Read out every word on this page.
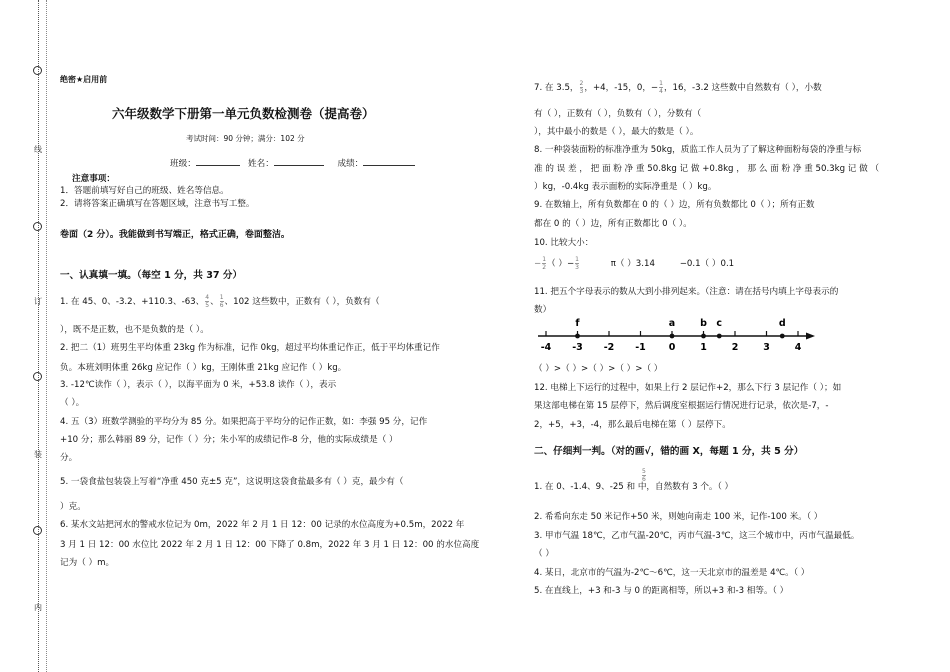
线
订
装
内
绝密★启用前
六年级数学下册第一单元负数检测卷（提高卷）
考试时间：90 分钟；满分：102 分
班级：	姓名：	成绩：
注意事项：
1．答题前填写好自己的班级、姓名等信息。
2．请将答案正确填写在答题区域，注意书写工整。
卷面（2 分）。我能做到书写端正，格式正确，卷面整洁。
一、认真填一填。（每空 1 分，共 37 分）
1. 在 45、0、-3.2、+110.3、-63、 $\frac{4}{5}$ 、 $\frac{1}{6}$ 、102 这些数中，正数有（ ），负数有（
），既不是正数，也不是负数的是（ ）。
2. 把二（1）班男生平均体重 23kg 作为标准，记作 0kg，超过平均体重记作正，低于平均体重记作
负。本班刘明体重 26kg 应记作（ ）kg，王刚体重 21kg 应记作（ ）kg。
3. -12℃读作（ ），表示（ ），以海平面为 0 米，+53.8 读作（ ），表示
（ ）。
4. 五（3）班数学测验的平均分为 85 分。如果把高于平均分的记作正数，如：李强 95 分，记作
+10 分；那么韩丽 89 分，记作（ ）分；朱小军的成绩记作-8 分，他的实际成绩是（ ）
分。
5. 一袋食盐包装袋上写着“净重 450 克±5 克”，这说明这袋食盐最多有（ ）克，最少有（
）克。
6. 某水文站把河水的警戒水位记为 0m，2022 年 2 月 1 日 12：00 记录的水位高度为+0.5m，2022 年
3 月 1 日 12：00 水位比 2022 年 2 月 1 日 12：00 下降了 0.8m，2022 年 3 月 1 日 12：00 的水位高度
记为（ ）m。
7. 在 3.5， $\frac{2}{3}$ ，+4，-15，0，− $\frac{1}{4}$ ，16，-3.2 这些数中自然数有（ ），小数
有（ ），正数有（ ），负数有（ ），分数有（
），其中最小的数是（ ），最大的数是（ ）。
8. 一种袋装面粉的标准净重为 50kg，质监工作人员为了了解这种面粉每袋的净重与标
准 的 误 差 ， 把 面 粉 净 重 50.8kg 记 做 +0.8kg ， 那 么 面 粉 净 重 50.3kg 记 做 （
）kg，-0.4kg 表示面粉的实际净重是（ ）kg。
9. 在数轴上，所有负数都在 0 的（ ）边，所有负数都比 0（ ）；所有正数
都在 0 的（ ）边，所有正数都比 0（ ）。
10. 比较大小：
− $\frac{1}{2}$ （ ）− $\frac{1}{3}$	π（ ）3.14	−0.1（ ）0.1
11. 把五个字母表示的数从大到小排列起来。（注意：请在括号内填上字母表示的
数）
-4 -3 -2 -1 0	1	2	3	4
f	a	b c	d
（ ）>（ ）>（ ）>（ ）>（ ）
12. 电梯上下运行的过程中，如果上行 2 层记作+2，那么下行 3 层记作（ ）；如
果这部电梯在第 15 层停下，然后调度室根据运行情况进行记录，依次是-7，-
2，+5，+3，-4，那么最后电梯在第（ ）层停下。
二、仔细判一判。（对的画√，错的画 X，每题 1 分，共 5 分）
1. 在 0、-1.4、9、-25 和 中，自然数有 3 个。（ ）
$\frac{5}{6}$
2. 希希向东走 50 米记作+50 米，则她向南走 100 米，记作-100 米。（ ）
3. 甲市气温 18℃，乙市气温-20℃，丙市气温-3℃，这三个城市中，丙市气温最低。
（ ）
4. 某日，北京市的气温为-2℃～6℃，这一天北京市的温差是 4℃。（ ）
5. 在直线上，+3 和-3 与 0 的距离相等，所以+3 和-3 相等。（ ）
